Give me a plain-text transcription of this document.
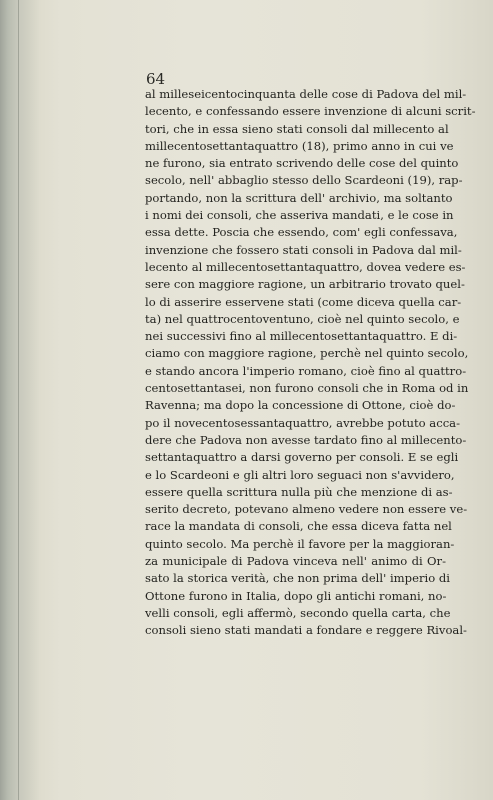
64

al milleseicentocinquanta delle cose di Padova del mil-
lecento, e confessando essere invenzione di alcuni scrit-
tori, che in essa sieno stati consoli dal millecento al
millecentosettantaquattro (18), primo anno in cui ve
ne furono, sia entrato scrivendo delle cose del quinto
secolo, nell' abbaglio stesso dello Scardeoni (19), rap-
portando, non la scrittura dell' archivio, ma soltanto
i nomi dei consoli, che asseriva mandati, e le cose in
essa dette. Poscia che essendo, com' egli confessava,
invenzione che fossero stati consoli in Padova dal mil-
lecento al millecentosettantaquattro, dovea vedere es-
sere con maggiore ragione, un arbitrario trovato quel-
lo di asserire esservene stati (come diceva quella car-
ta) nel quattrocentoventuno, cioè nel quinto secolo, e
nei successivi fino al millecentosettantaquattro. E di-
ciamo con maggiore ragione, perchè nel quinto secolo,
e stando ancora l'imperio romano, cioè fino al quattro-
centosettantasei, non furono consoli che in Roma od in
Ravenna; ma dopo la concessione di Ottone, cioè do-
po il novecentosessantaquattro, avrebbe potuto acca-
dere che Padova non avesse tardato fino al millecento-
settantaquattro a darsi governo per consoli. E se egli
e lo Scardeoni e gli altri loro seguaci non s'avvidero,
essere quella scrittura nulla più che menzione di as-
serito decreto, potevano almeno vedere non essere ve-
race la mandata di consoli, che essa diceva fatta nel
quinto secolo. Ma perchè il favore per la maggioran-
za municipale di Padova vinceva nell' animo di Or-
sato la storica verità, che non prima dell' imperio di
Ottone furono in Italia, dopo gli antichi romani, no-
velli consoli, egli affermò, secondo quella carta, che
consoli sieno stati mandati a fondare e reggere Rivoal-
